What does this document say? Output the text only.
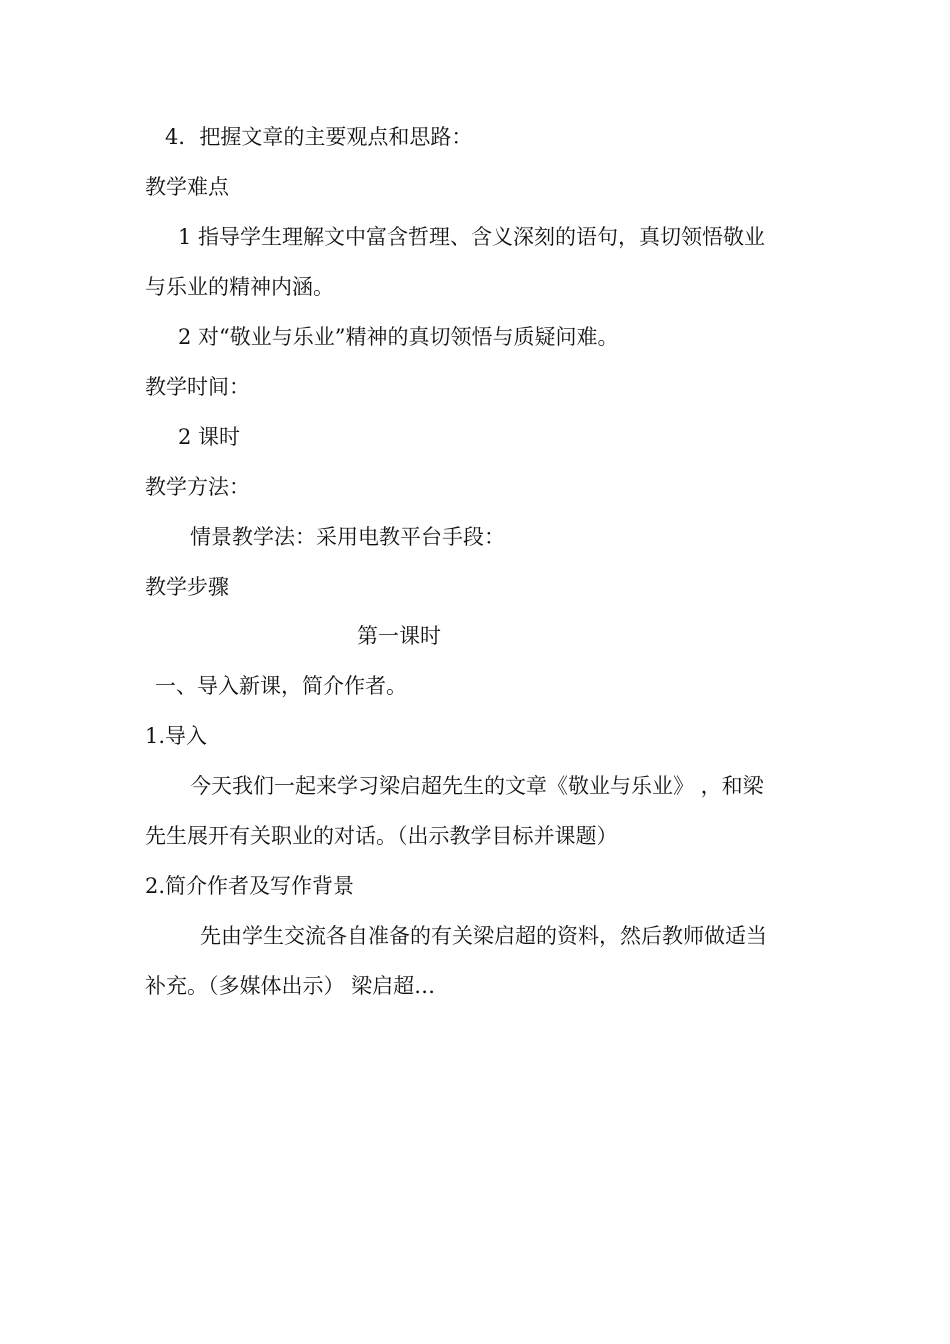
4．把握文章的主要观点和思路：
教学难点
1 指导学生理解文中富含哲理、含义深刻的语句，真切领悟敬业
与乐业的精神内涵。
2 对“敬业与乐业”精神的真切领悟与质疑问难。
教学时间：
2 课时
教学方法：
情景教学法：采用电教平台手段：
教学步骤
第一课时
一、导入新课，简介作者。
1.导入
今天我们一起来学习梁启超先生的文章《敬业与乐业》 ，和梁
先生展开有关职业的对话。（出示教学目标并课题）
2.简介作者及写作背景
先由学生交流各自准备的有关梁启超的资料，然后教师做适当
补充。（多媒体出示） 梁启超…
